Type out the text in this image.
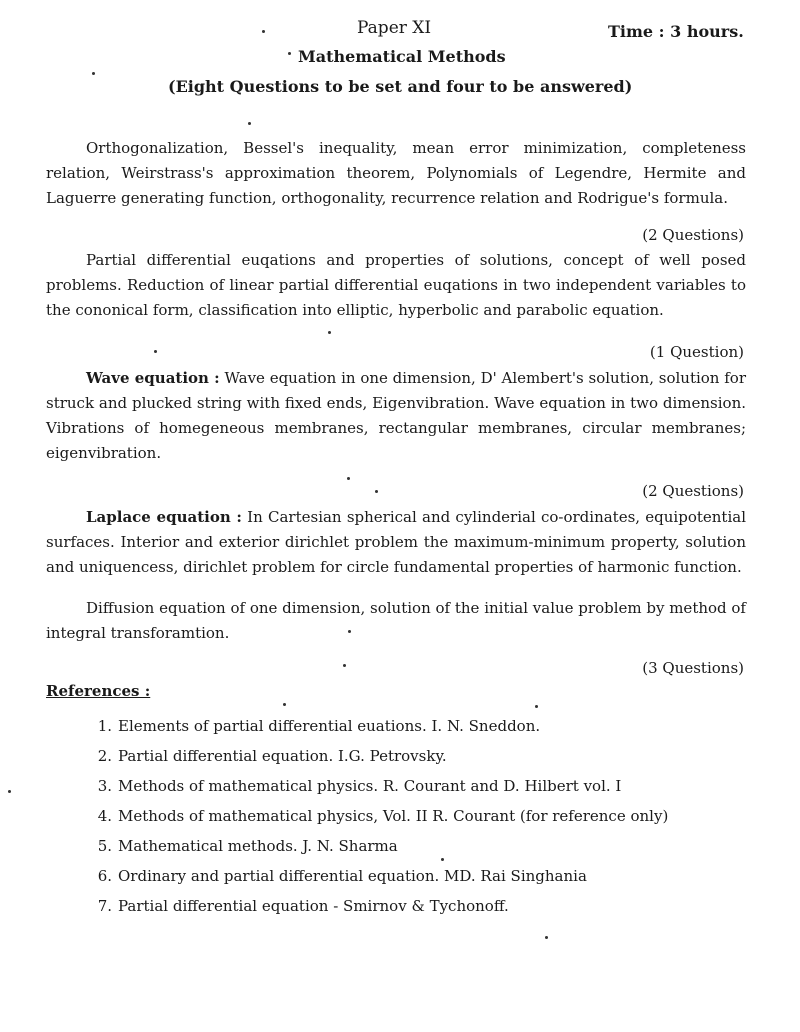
Paper XI	Time : 3 hours.
Mathematical Methods
(Eight Questions to be set and four to be answered)
Orthogonalization, Bessel's inequality, mean error minimization, completeness relation, Weirstrass's approximation theorem, Polynomials of Legendre, Hermite and Laguerre generating function, orthogonality, recurrence relation and Rodrigue's formula.
(2 Questions)
Partial differential euqations and properties of solutions, concept of well posed problems. Reduction of linear partial differential euqations in two independent variables to the cononical form, classification into elliptic, hyperbolic and parabolic equation.
(1 Question)
Wave equation : Wave equation in one dimension, D' Alembert's solution, solution for struck and plucked string with fixed ends, Eigenvibration. Wave equation in two dimension. Vibrations of homegeneous membranes, rectangular membranes, circular membranes; eigenvibration.
(2 Questions)
Laplace equation : In Cartesian spherical and cylinderial co-ordinates, equipotential surfaces. Interior and exterior dirichlet problem the maximum-minimum property, solution and uniquencess, dirichlet problem for circle fundamental properties of harmonic function.
Diffusion equation of one dimension, solution of the initial value problem by method of integral transforamtion.
(3 Questions)
References :
1. Elements of partial differential euations. I. N. Sneddon.
2. Partial differential equation. I.G. Petrovsky.
3. Methods of mathematical physics. R. Courant and D. Hilbert vol. I
4. Methods of mathematical physics, Vol. II R. Courant (for reference only)
5. Mathematical methods. J. N. Sharma
6. Ordinary and partial differential equation. MD. Rai Singhania
7. Partial differential equation - Smirnov & Tychonoff.
